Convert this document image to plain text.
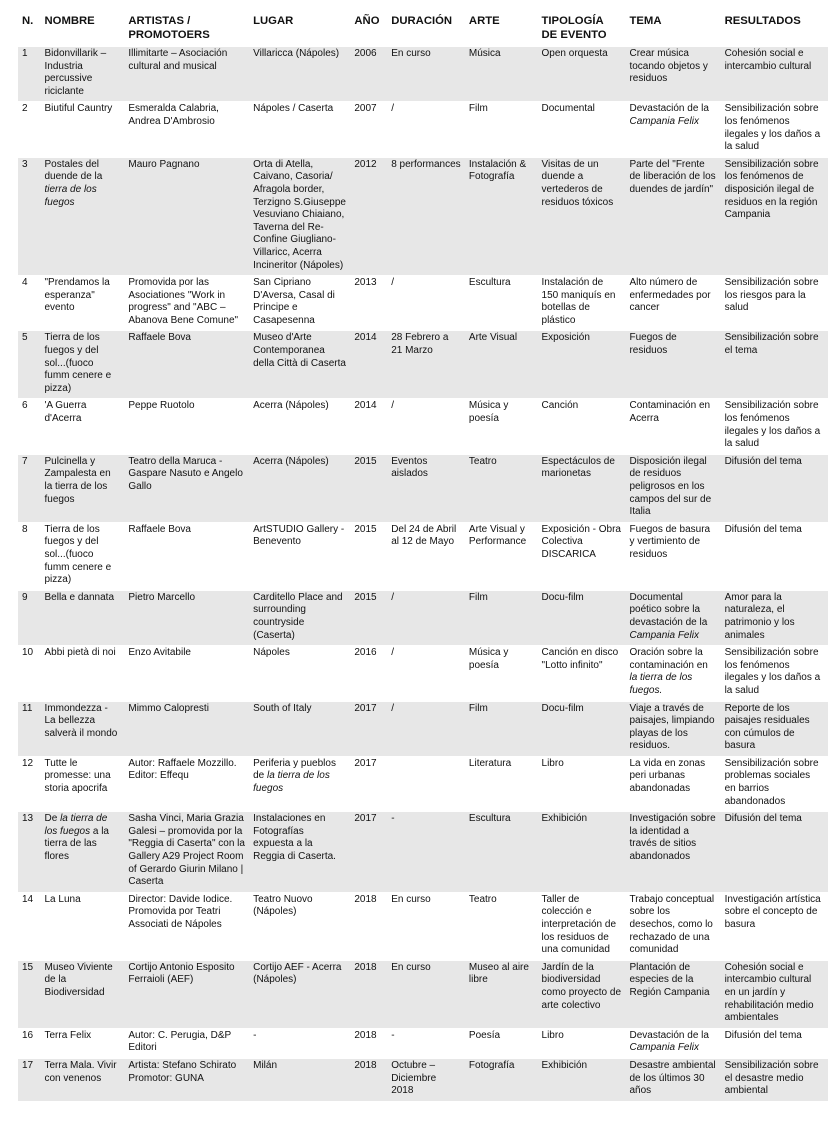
N.	NOMBRE	ARTISTAS / PROMOTOERS	LUGAR	AÑO	DURACIÓN	ARTE	TIPOLOGÍA DE EVENTO	TEMA	RESULTADOS
1	Bidonvillarik – Industria percussive riciclante	Illimitarte – Asociación cultural and musical	Villaricca (Nápoles)	2006	En curso	Música	Open orquesta	Crear música tocando objetos y residuos	Cohesión social e intercambio cultural
2	Biutiful Cauntry	Esmeralda Calabria, Andrea D'Ambrosio	Nápoles / Caserta	2007	/	Film	Documental	Devastación de la Campania Felix	Sensibilización sobre los fenómenos ilegales y los daños a la salud
3	Postales del duende de la tierra de los fuegos	Mauro Pagnano	Orta di Atella, Caivano, Casoria/ Afragola border, Terzigno S.Giuseppe Vesuviano Chiaiano, Taverna del Re-Confine Giugliano- Villaricc, Acerra Incineritor (Nápoles)	2012	8 performances	Instalación & Fotografía	Visitas de un duende a vertederos de residuos tóxicos	Parte del "Frente de liberación de los duendes de jardín"	Sensibilización sobre los fenómenos de disposición ilegal de residuos en la región Campania
4	"Prendamos la esperanza" evento	Promovida por las Asociationes "Work in progress" and "ABC – Abanova Bene Comune"	San Cipriano D'Aversa, Casal di Principe e Casapesenna	2013	/	Escultura	Instalación de 150 maniquís en botellas de plástico	Alto número de enfermedades por cancer	Sensibilización sobre los riesgos para la salud
5	Tierra de los fuegos y del sol...(fuoco fumm cenere e pizza)	Raffaele Bova	Museo d'Arte Contemporanea della Città di Caserta	2014	28 Febrero a 21 Marzo	Arte Visual	Exposición	Fuegos de residuos	Sensibilización sobre el tema
6	'A Guerra d'Acerra	Peppe Ruotolo	Acerra (Nápoles)	2014	/	Música y poesía	Canción	Contaminación en Acerra	Sensibilización sobre los fenómenos ilegales y los daños a la salud
7	Pulcinella y Zampalesta en la tierra de los fuegos	Teatro della Maruca - Gaspare Nasuto e Angelo Gallo	Acerra (Nápoles)	2015	Eventos aislados	Teatro	Espectáculos de marionetas	Disposición ilegal de residuos peligrosos en los campos del sur de Italia	Difusión del tema
8	Tierra de los fuegos y del sol...(fuoco fumm cenere e pizza)	Raffaele Bova	ArtSTUDIO Gallery - Benevento	2015	Del 24 de Abril al 12 de Mayo	Arte Visual y Performance	Exposición - Obra Colectiva DISCARICA	Fuegos de basura y vertimiento de residuos	Difusión del tema
9	Bella e dannata	Pietro Marcello	Carditello Place and surrounding countryside (Caserta)	2015	/	Film	Docu-film	Documental poético sobre la devastación de la Campania Felix	Amor para la naturaleza, el patrimonio y los animales
10	Abbi pietà di noi	Enzo Avitabile	Nápoles	2016	/	Música y poesía	Canción en disco "Lotto infinito"	Oración sobre la contaminación en la tierra de los fuegos.	Sensibilización sobre los fenómenos ilegales y los daños a la salud
11	Immondezza - La bellezza salverà il mondo	Mimmo Calopresti	South of Italy	2017	/	Film	Docu-film	Viaje a través de paisajes, limpiando playas de los residuos.	Reporte de los paisajes residuales con cúmulos de basura
12	Tutte le promesse: una storia apocrifa	Autor: Raffaele Mozzillo. Editor: Effequ	Periferia y pueblos de la tierra de los fuegos	2017		Literatura	Libro	La vida en zonas peri urbanas abandonadas	Sensibilización sobre problemas sociales en barrios abandonados
13	De la tierra de los fuegos a la tierra de las flores	Sasha Vinci, Maria Grazia Galesi – promovida por la "Reggia di Caserta" con la Gallery A29 Project Room of Gerardo Giurin Milano | Caserta	Instalaciones en Fotografías expuesta a la Reggia di Caserta.	2017	-	Escultura	Exhibición	Investigación sobre la identidad a través de sitios abandonados	Difusión del tema
14	La Luna	Director: Davide Iodice. Promovida por Teatri Associati de Nápoles	Teatro Nuovo (Nápoles)	2018	En curso	Teatro	Taller de colección e interpretación de los residuos de una comunidad	Trabajo conceptual sobre los desechos, como lo rechazado de una comunidad	Investigación artística sobre el concepto de basura
15	Museo Viviente de la Biodiversidad	Cortijo Antonio Esposito Ferraioli (AEF)	Cortijo AEF - Acerra (Nápoles)	2018	En curso	Museo al aire libre	Jardín de la biodiversidad como proyecto de arte colectivo	Plantación de especies de la Región Campania	Cohesión social e intercambio cultural en un jardín y rehabilitación medio ambientales
16	Terra Felix	Autor: C. Perugia, D&P Editori	-	2018	-	Poesía	Libro	Devastación de la Campania Felix	Difusión del tema
17	Terra Mala. Vivir con venenos	Artista: Stefano Schirato Promotor: GUNA	Milán	2018	Octubre – Diciembre 2018	Fotografía	Exhibición	Desastre ambiental de los últimos 30 años	Sensibilización sobre el desastre medio ambiental
